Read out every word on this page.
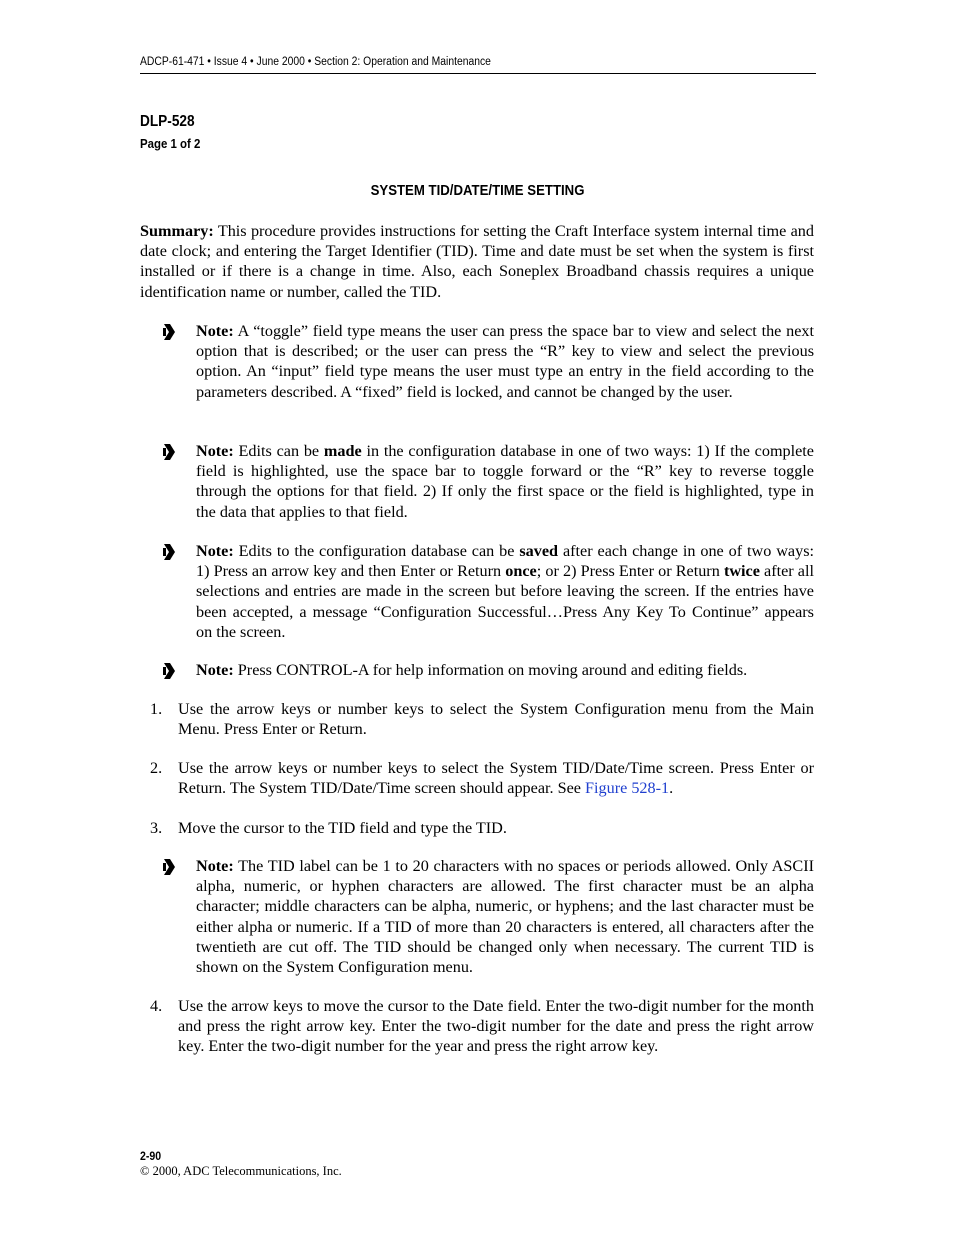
ADCP-61-471 • Issue 4 • June 2000 • Section 2: Operation and Maintenance
DLP-528
Page 1 of 2
SYSTEM TID/DATE/TIME SETTING
Summary: This procedure provides instructions for setting the Craft Interface system internal time and date clock; and entering the Target Identifier (TID). Time and date must be set when the system is first installed or if there is a change in time. Also, each Soneplex Broadband chassis requires a unique identification name or number, called the TID.
Note: A “toggle” field type means the user can press the space bar to view and select the next option that is described; or the user can press the “R” key to view and select the previous option. An “input” field type means the user must type an entry in the field according to the parameters described. A “fixed” field is locked, and cannot be changed by the user.
Note: Edits can be made in the configuration database in one of two ways: 1) If the complete field is highlighted, use the space bar to toggle forward or the “R” key to reverse toggle through the options for that field. 2) If only the first space or the field is highlighted, type in the data that applies to that field.
Note: Edits to the configuration database can be saved after each change in one of two ways: 1) Press an arrow key and then Enter or Return once; or 2) Press Enter or Return twice after all selections and entries are made in the screen but before leaving the screen. If the entries have been accepted, a message “Configuration Successful…Press Any Key To Continue” appears on the screen.
Note: Press CONTROL-A for help information on moving around and editing fields.
1. Use the arrow keys or number keys to select the System Configuration menu from the Main Menu. Press Enter or Return.
2. Use the arrow keys or number keys to select the System TID/Date/Time screen. Press Enter or Return. The System TID/Date/Time screen should appear. See Figure 528-1.
3. Move the cursor to the TID field and type the TID.
Note: The TID label can be 1 to 20 characters with no spaces or periods allowed. Only ASCII alpha, numeric, or hyphen characters are allowed. The first character must be an alpha character; middle characters can be alpha, numeric, or hyphens; and the last character must be either alpha or numeric. If a TID of more than 20 characters is entered, all characters after the twentieth are cut off. The TID should be changed only when necessary. The current TID is shown on the System Configuration menu.
4. Use the arrow keys to move the cursor to the Date field. Enter the two-digit number for the month and press the right arrow key. Enter the two-digit number for the date and press the right arrow key. Enter the two-digit number for the year and press the right arrow key.
2-90
© 2000, ADC Telecommunications, Inc.
